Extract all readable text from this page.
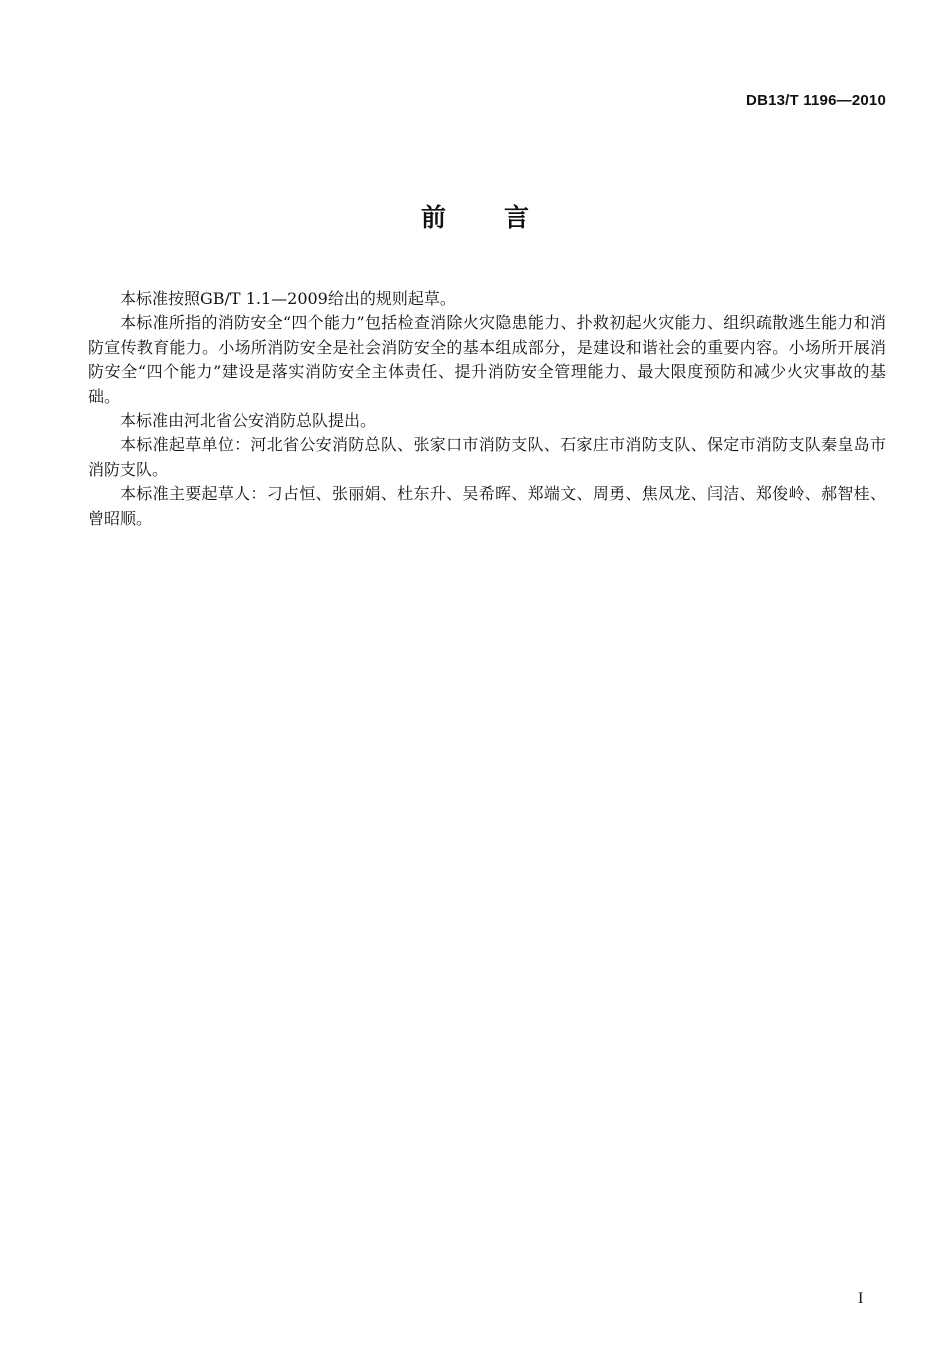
DB13/T 1196—2010
前言

本标准按照GB/T 1.1—2009给出的规则起草。

本标准所指的消防安全“四个能力”包括检查消除火灾隐患能力、扑救初起火灾能力、组织疏散逃生能力和消防宣传教育能力。小场所消防安全是社会消防安全的基本组成部分，是建设和谐社会的重要内容。小场所开展消防安全“四个能力”建设是落实消防安全主体责任、提升消防安全管理能力、最大限度预防和减少火灾事故的基础。

本标准由河北省公安消防总队提出。

本标准起草单位：河北省公安消防总队、张家口市消防支队、石家庄市消防支队、保定市消防支队秦皇岛市消防支队。

本标准主要起草人：刁占恒、张丽娟、杜东升、吴希晖、郑端文、周勇、焦凤龙、闫洁、郑俊岭、郝智桂、曾昭顺。

I
